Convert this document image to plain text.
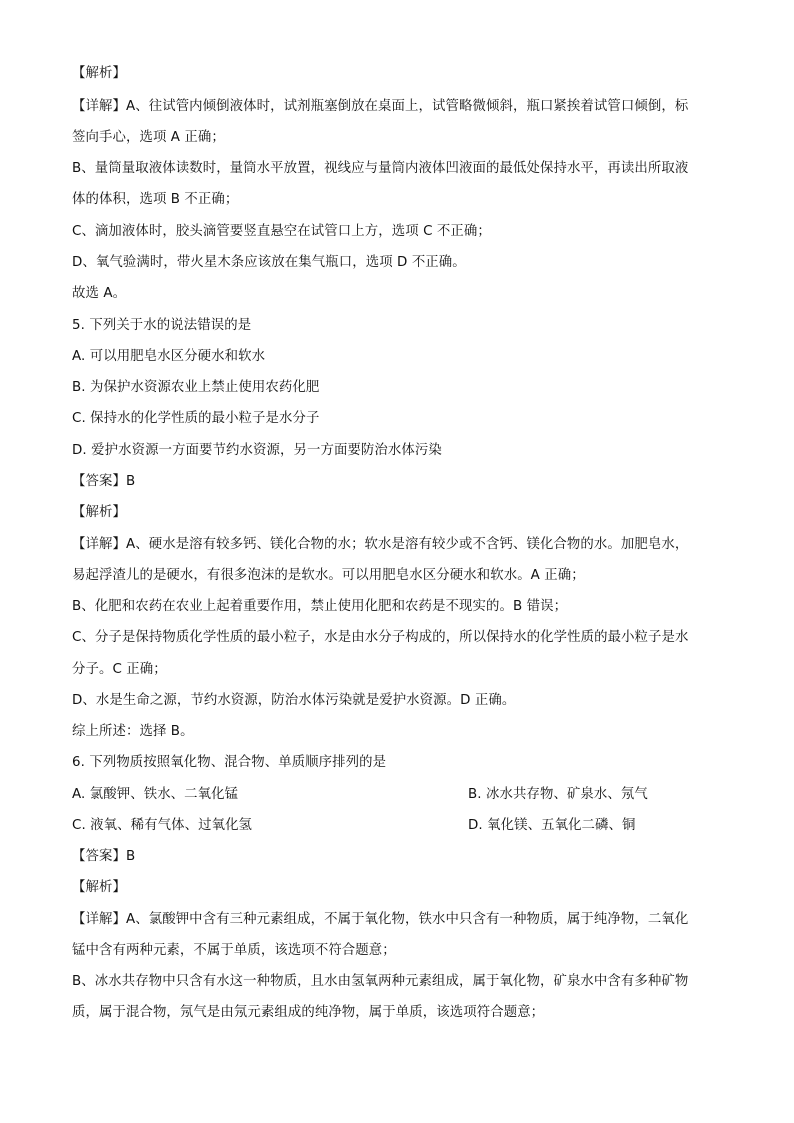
【解析】
【详解】A、往试管内倾倒液体时，试剂瓶塞倒放在桌面上，试管略微倾斜，瓶口紧挨着试管口倾倒，标
签向手心，选项 A 正确；
B、量筒量取液体读数时，量筒水平放置，视线应与量筒内液体凹液面的最低处保持水平，再读出所取液
体的体积，选项 B 不正确；
C、滴加液体时，胶头滴管要竖直悬空在试管口上方，选项 C 不正确；
D、氧气验满时，带火星木条应该放在集气瓶口，选项 D 不正确。
故选 A。
5. 下列关于水的说法错误的是
A. 可以用肥皂水区分硬水和软水
B. 为保护水资源农业上禁止使用农药化肥
C. 保持水的化学性质的最小粒子是水分子
D. 爱护水资源一方面要节约水资源，另一方面要防治水体污染
【答案】B
【解析】
【详解】A、硬水是溶有较多钙、镁化合物的水；软水是溶有较少或不含钙、镁化合物的水。加肥皂水，
易起浮渣儿的是硬水，有很多泡沫的是软水。可以用肥皂水区分硬水和软水。A 正确；
B、化肥和农药在农业上起着重要作用，禁止使用化肥和农药是不现实的。B 错误；
C、分子是保持物质化学性质的最小粒子，水是由水分子构成的，所以保持水的化学性质的最小粒子是水
分子。C 正确；
D、水是生命之源，节约水资源，防治水体污染就是爱护水资源。D 正确。
综上所述：选择 B。
6. 下列物质按照氧化物、混合物、单质顺序排列的是
A. 氯酸钾、铁水、二氧化锰	B. 冰水共存物、矿泉水、氖气
C. 液氧、稀有气体、过氧化氢	D. 氧化镁、五氧化二磷、铜
【答案】B
【解析】
【详解】A、氯酸钾中含有三种元素组成，不属于氧化物，铁水中只含有一种物质，属于纯净物，二氧化
锰中含有两种元素，不属于单质，该选项不符合题意；
B、冰水共存物中只含有水这一种物质，且水由氢氧两种元素组成，属于氧化物，矿泉水中含有多种矿物
质，属于混合物，氖气是由氖元素组成的纯净物，属于单质，该选项符合题意；
